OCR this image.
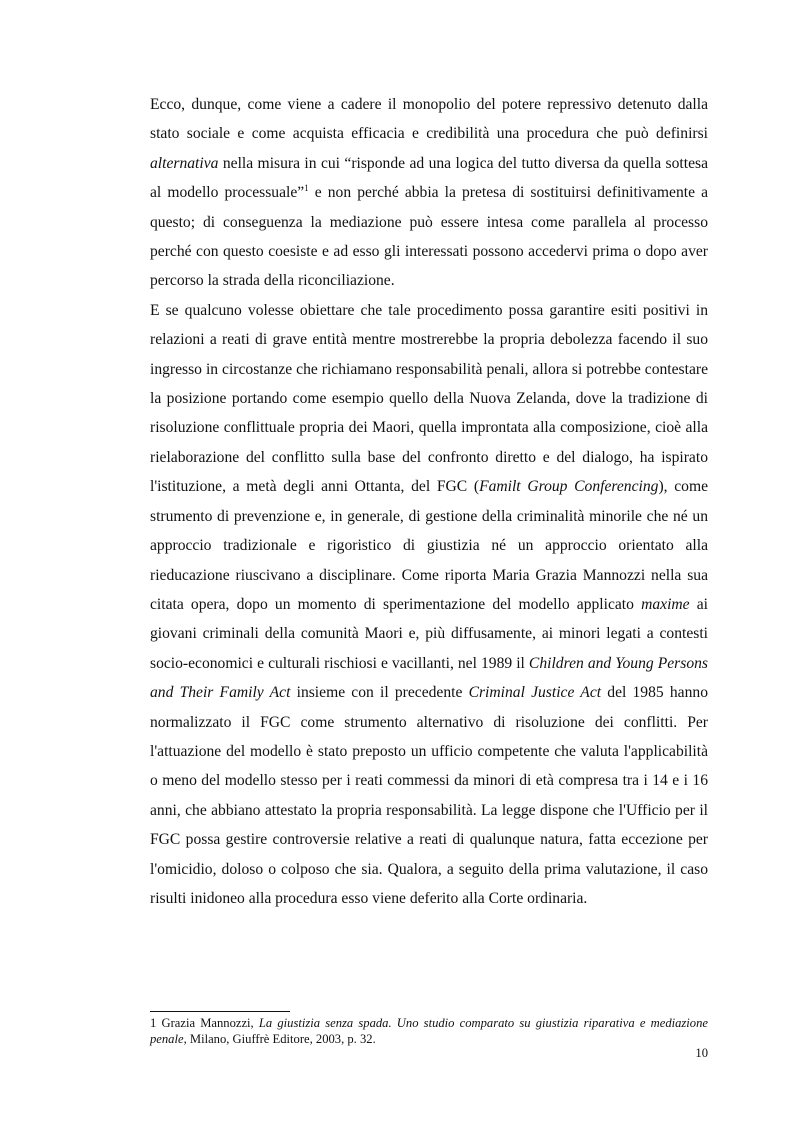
Ecco, dunque, come viene a cadere il monopolio del potere repressivo detenuto dalla stato sociale e come acquista efficacia e credibilità una procedura che può definirsi alternativa nella misura in cui “risponde ad una logica del tutto diversa da quella sottesa al modello processuale”$^1$ e non perché abbia la pretesa di sostituirsi definitivamente a questo; di conseguenza la mediazione può essere intesa come parallela al processo perché con questo coesiste e ad esso gli interessati possono accedervi prima o dopo aver percorso la strada della riconciliazione.

E se qualcuno volesse obiettare che tale procedimento possa garantire esiti positivi in relazioni a reati di grave entità mentre mostrerebbe la propria debolezza facendo il suo ingresso in circostanze che richiamano responsabilità penali, allora si potrebbe contestare la posizione portando come esempio quello della Nuova Zelanda, dove la tradizione di risoluzione conflittuale propria dei Maori, quella improntata alla composizione, cioè alla rielaborazione del conflitto sulla base del confronto diretto e del dialogo, ha ispirato l'istituzione, a metà degli anni Ottanta, del FGC (Familt Group Conferencing), come strumento di prevenzione e, in generale, di gestione della criminalità minorile che né un approccio tradizionale e rigoristico di giustizia né un approccio orientato alla rieducazione riuscivano a disciplinare. Come riporta Maria Grazia Mannozzi nella sua citata opera, dopo un momento di sperimentazione del modello applicato maxime ai giovani criminali della comunità Maori e, più diffusamente, ai minori legati a contesti socio-economici e culturali rischiosi e vacillanti, nel 1989 il Children and Young Persons and Their Family Act insieme con il precedente Criminal Justice Act del 1985 hanno normalizzato il FGC come strumento alternativo di risoluzione dei conflitti. Per l'attuazione del modello è stato preposto un ufficio competente che valuta l'applicabilità o meno del modello stesso per i reati commessi da minori di età compresa tra i 14 e i 16 anni, che abbiano attestato la propria responsabilità. La legge dispone che l'Ufficio per il FGC possa gestire controversie relative a reati di qualunque natura, fatta eccezione per l'omicidio, doloso o colposo che sia. Qualora, a seguito della prima valutazione, il caso risulti inidoneo alla procedura esso viene deferito alla Corte ordinaria.

1 Grazia Mannozzi, La giustizia senza spada. Uno studio comparato su giustizia riparativa e mediazione penale, Milano, Giuffrè Editore, 2003, p. 32.
10
